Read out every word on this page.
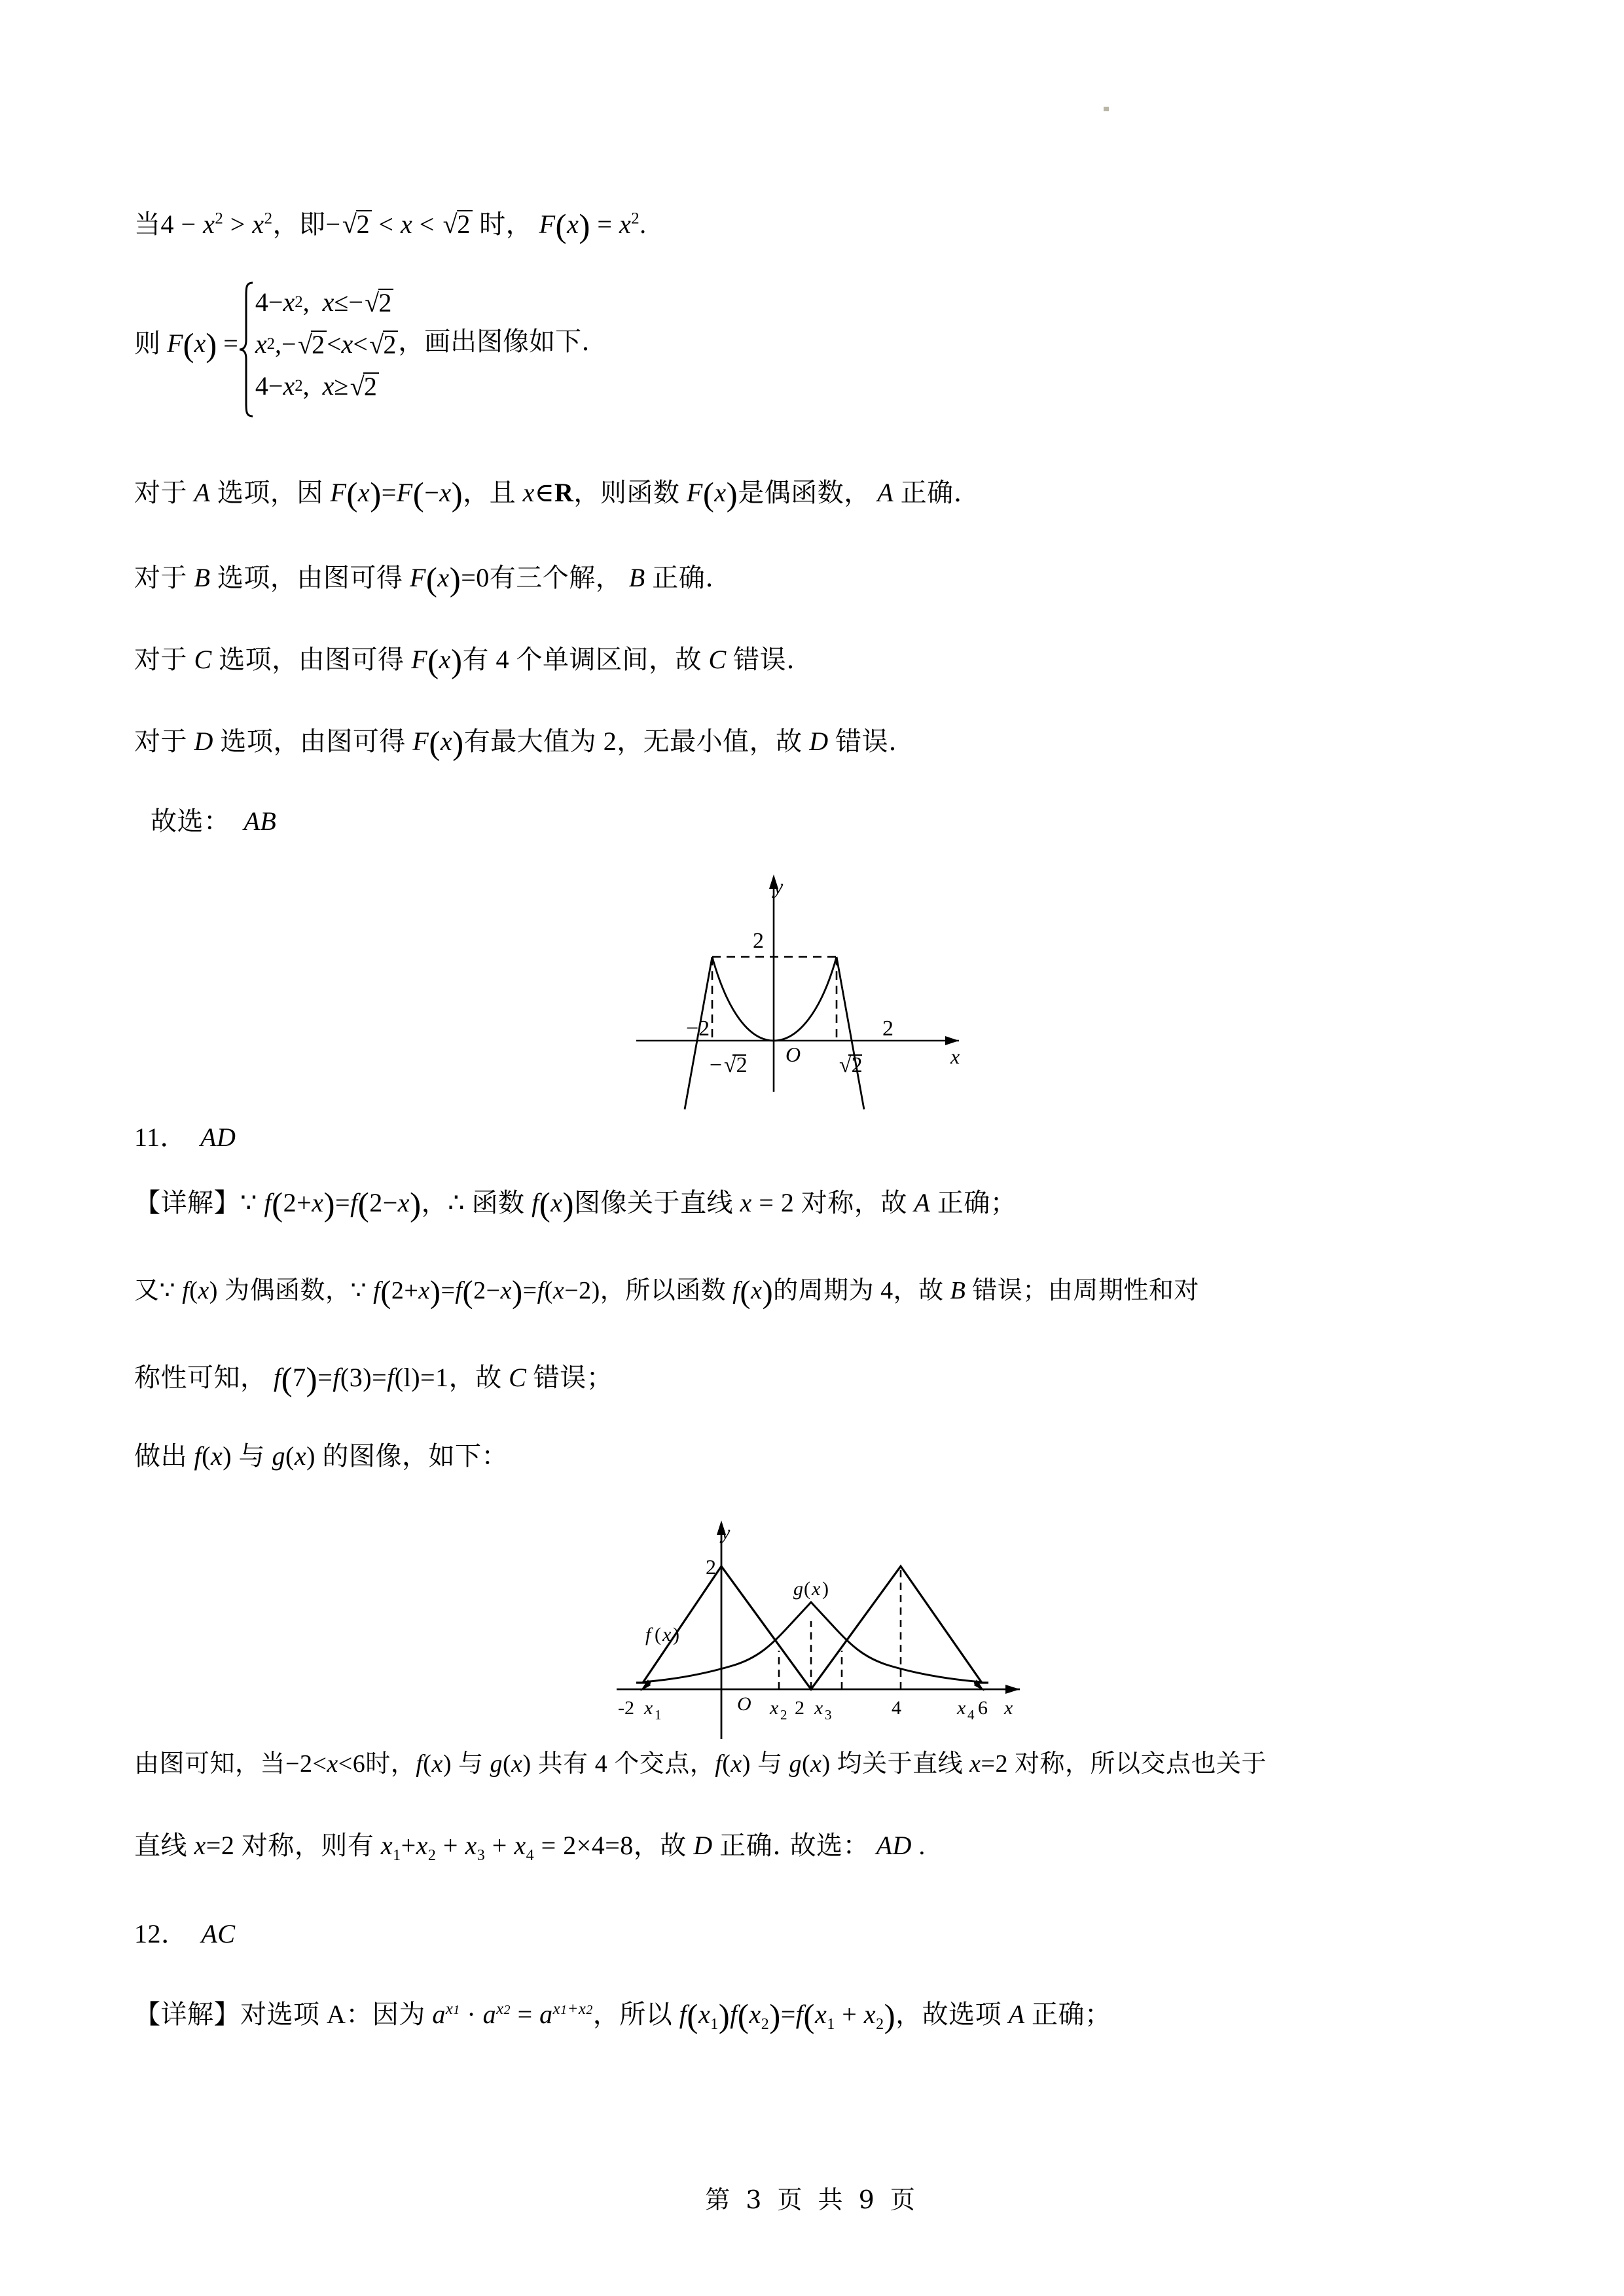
当$4 - x^2 > x^2$，即−√2 < x < √2 时， $F(x) = x^2$.
则 F(x) =
4 − x 2 ,
x ≤ − √2
x 2 , − √2 < x < √2
4 − x 2 ,
x ≥ √2
，画出图像如下.
对于 A 选项，因 F(x)=F(−x)，且 x∈R，则函数 F(x)是偶函数， A 正确.
对于 B 选项，由图可得 F(x)=0有三个解， B 正确.
对于 C 选项，由图可得 F(x)有 4 个单调区间，故 C 错误.
对于 D 选项，由图可得 F(x)有最大值为 2，无最小值，故 D 错误.
故选： AB
2
y
x
O
−2	2
− √2	√2
11． AD
【详解】∵ f(2+x)=f(2−x)，∴ 函数 f(x)图像关于直线 x = 2 对称，故 A 正确；
又∵ f(x) 为偶函数，∵ f(2+x)=f(2−x)=f(x−2)，所以函数 f(x)的周期为 4，故 B 错误；由周期性和对
称性可知， f(7)=f(3)=f(l)=1，故 C 错误；
做出 f(x) 与 g(x) 的图像，如下：
y
x
2
O
f ( x )
g ( x )
-2 x 1	x 2 2 x 3	4	x 4 6
由图可知，当−2<x<6时，f(x) 与 g(x) 共有 4 个交点，f(x) 与 g(x) 均关于直线 x=2 对称，所以交点也关于
直线 x=2 对称，则有 $x_1+x_2 + x_3 + x_4 = 2\times 4=8$，故 D 正确. 故选： AD .
12． AC
【详解】对选项 A：因为 $a^{x1} \cdot a^{x2} = a^{x1+x2}$，所以 $f(x_1)f(x_2)=f(x_1 + x_2)$，故选项 A 正确；
第 3 页 共 9 页
